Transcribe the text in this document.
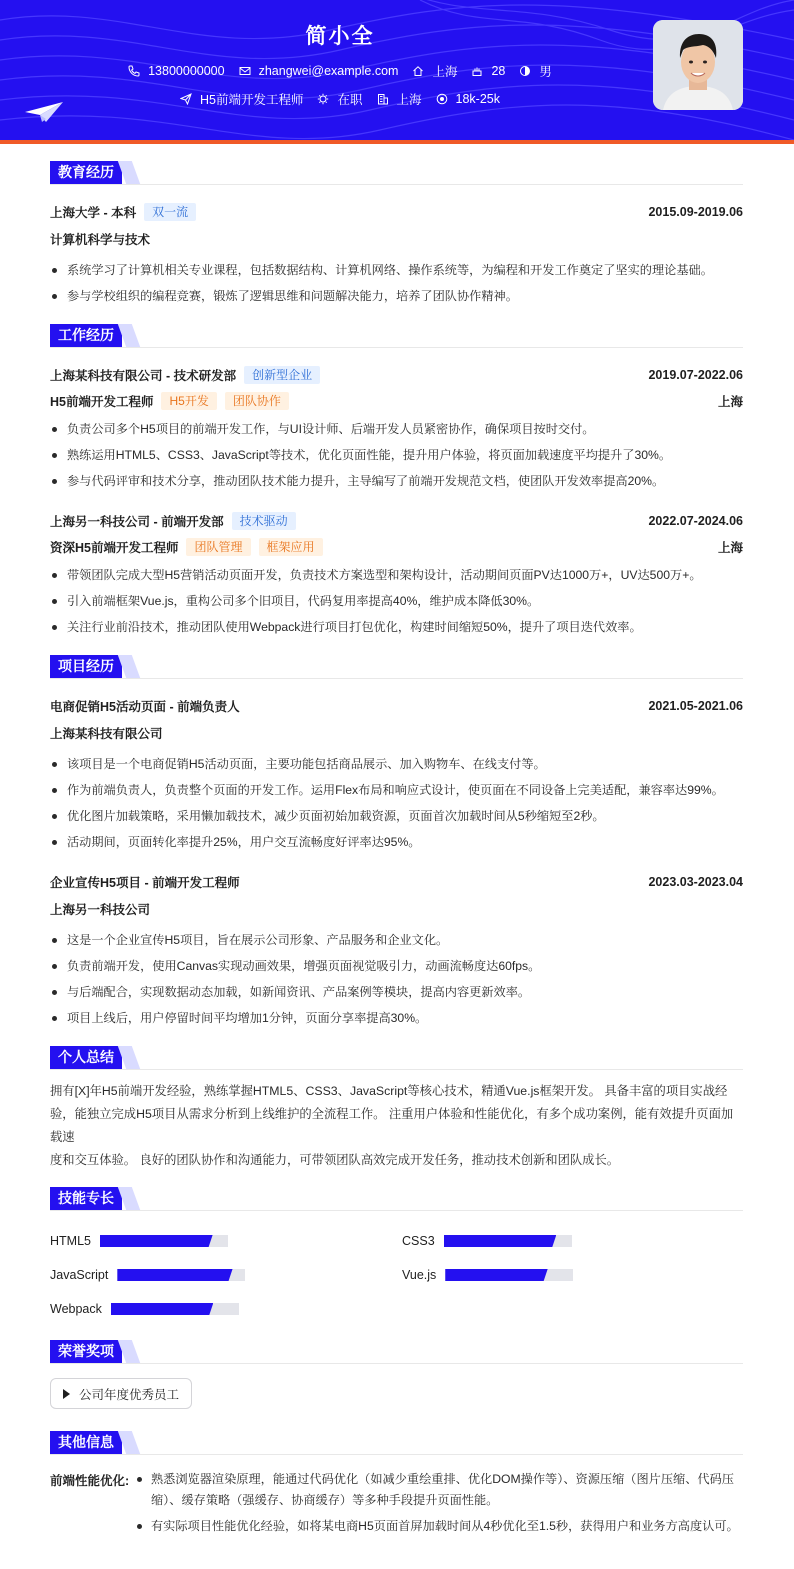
简小全
13800000000	zhangwei@example.com	上海	28	男
H5前端开发工程师	在职	上海	18k-25k
教育经历
上海大学 - 本科	双一流	2015.09-2019.06
计算机科学与技术
系统学习了计算机相关专业课程，包括数据结构、计算机网络、操作系统等，为编程和开发工作奠定了坚实的理论基础。
参与学校组织的编程竞赛，锻炼了逻辑思维和问题解决能力，培养了团队协作精神。
工作经历
上海某科技有限公司 - 技术研发部	创新型企业	2019.07-2022.06
H5前端开发工程师	H5开发	团队协作	上海
负责公司多个H5项目的前端开发工作，与UI设计师、后端开发人员紧密协作，确保项目按时交付。
熟练运用HTML5、CSS3、JavaScript等技术，优化页面性能，提升用户体验，将页面加载速度平均提升了30%。
参与代码评审和技术分享，推动团队技术能力提升，主导编写了前端开发规范文档，使团队开发效率提高20%。
上海另一科技公司 - 前端开发部	技术驱动	2022.07-2024.06
资深H5前端开发工程师	团队管理	框架应用	上海
带领团队完成大型H5营销活动页面开发，负责技术方案选型和架构设计，活动期间页面PV达1000万+，UV达500万+。
引入前端框架Vue.js，重构公司多个旧项目，代码复用率提高40%，维护成本降低30%。
关注行业前沿技术，推动团队使用Webpack进行项目打包优化，构建时间缩短50%，提升了项目迭代效率。
项目经历
电商促销H5活动页面 - 前端负责人	2021.05-2021.06
上海某科技有限公司
该项目是一个电商促销H5活动页面，主要功能包括商品展示、加入购物车、在线支付等。
作为前端负责人，负责整个页面的开发工作。运用Flex布局和响应式设计，使页面在不同设备上完美适配，兼容率达99%。
优化图片加载策略，采用懒加载技术，减少页面初始加载资源，页面首次加载时间从5秒缩短至2秒。
活动期间，页面转化率提升25%，用户交互流畅度好评率达95%。
企业宣传H5项目 - 前端开发工程师	2023.03-2023.04
上海另一科技公司
这是一个企业宣传H5项目，旨在展示公司形象、产品服务和企业文化。
负责前端开发，使用Canvas实现动画效果，增强页面视觉吸引力，动画流畅度达60fps。
与后端配合，实现数据动态加载，如新闻资讯、产品案例等模块，提高内容更新效率。
项目上线后，用户停留时间平均增加1分钟，页面分享率提高30%。
个人总结
拥有[X]年H5前端开发经验，熟练掌握HTML5、CSS3、JavaScript等核心技术，精通Vue.js框架开发。 具备丰富的项目实战经
验，能独立完成H5项目从需求分析到上线维护的全流程工作。 注重用户体验和性能优化，有多个成功案例，能有效提升页面加载速
度和交互体验。 良好的团队协作和沟通能力，可带领团队高效完成开发任务，推动技术创新和团队成长。
技能专长
HTML5	CSS3
JavaScript	Vue.js
Webpack
荣誉奖项
公司年度优秀员工
其他信息
前端性能优化:	熟悉浏览器渲染原理，能通过代码优化（如减少重绘重排、优化DOM操作等）、资源压缩（图片压缩、代码压缩）、缓存策略（强缓存、协商缓存）等多种手段提升页面性能。
有实际项目性能优化经验，如将某电商H5页面首屏加载时间从4秒优化至1.5秒，获得用户和业务方高度认可。
